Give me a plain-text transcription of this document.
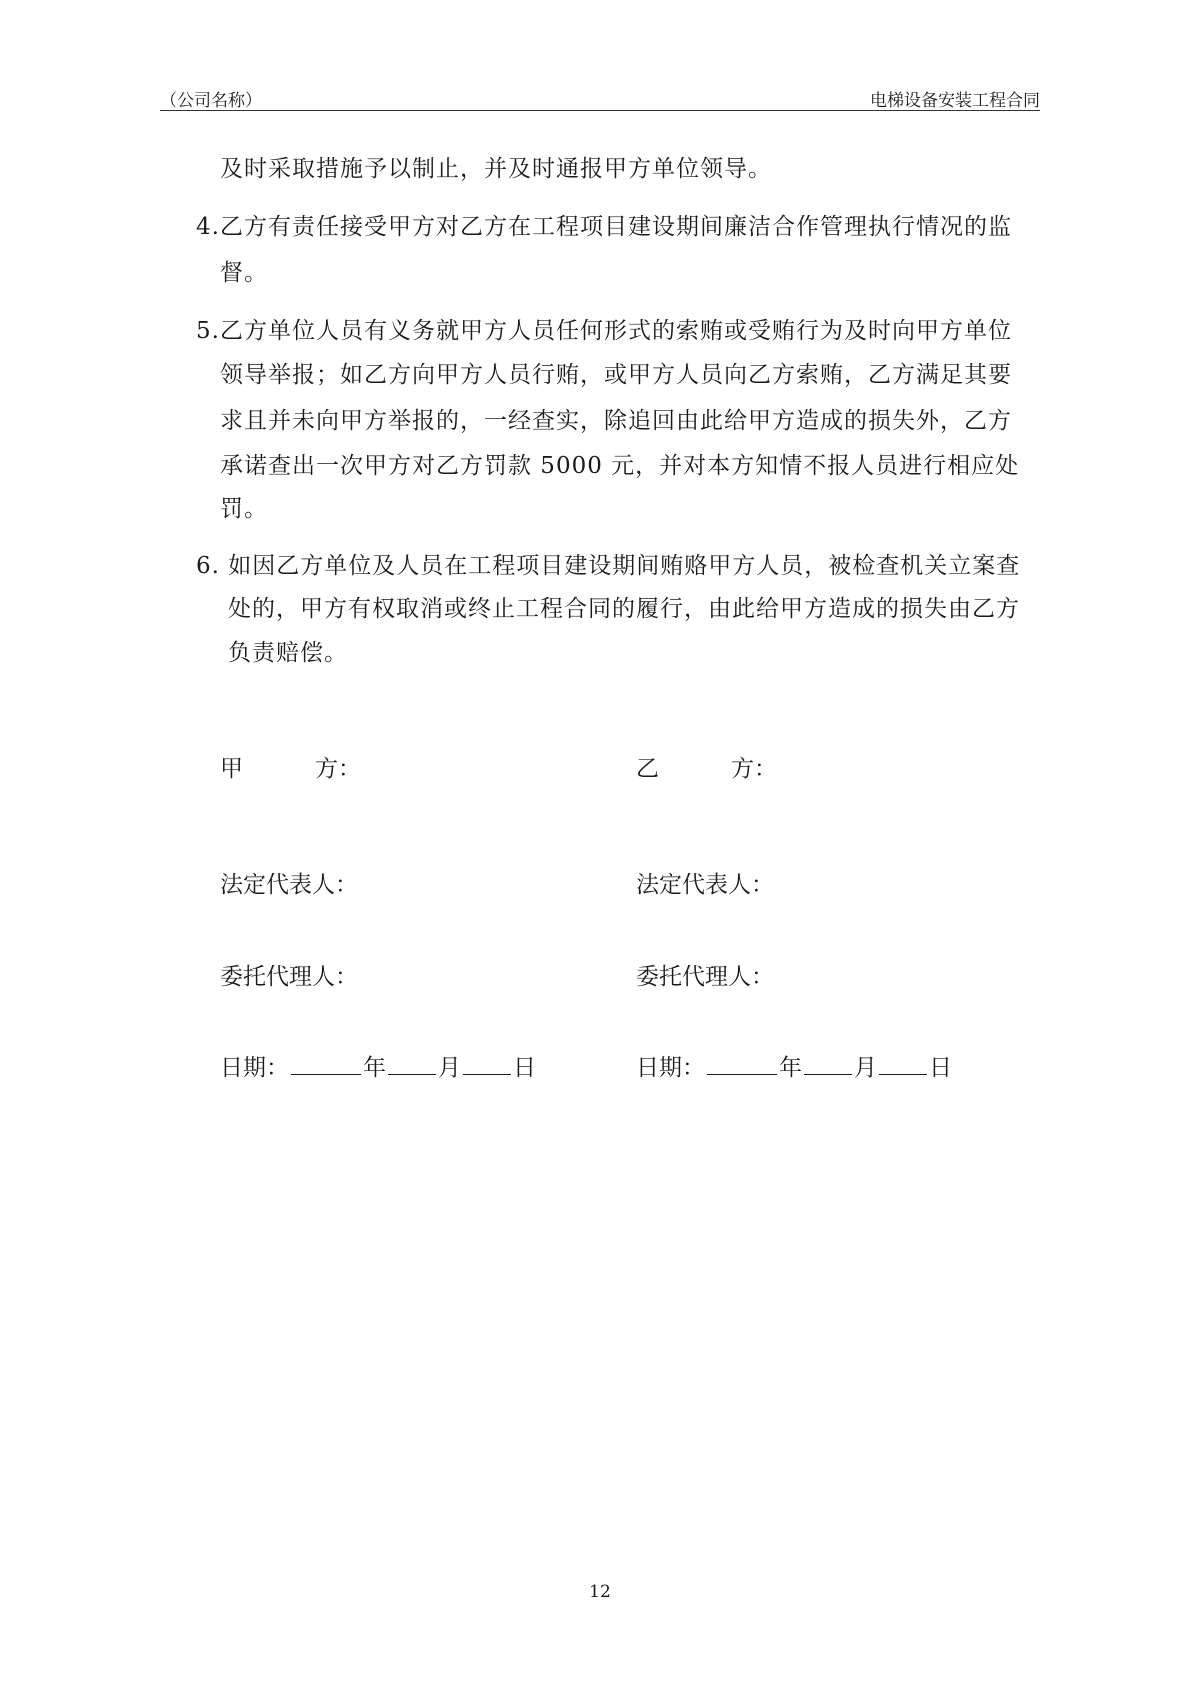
（公司名称）	电梯设备安装工程合同
及时采取措施予以制止，并及时通报甲方单位领导。
4.乙方有责任接受甲方对乙方在工程项目建设期间廉洁合作管理执行情况的监
督。
5.乙方单位人员有义务就甲方人员任何形式的索贿或受贿行为及时向甲方单位
领导举报；如乙方向甲方人员行贿，或甲方人员向乙方索贿，乙方满足其要
求且并未向甲方举报的，一经查实，除追回由此给甲方造成的损失外，乙方
承诺查出一次甲方对乙方罚款 5000 元，并对本方知情不报人员进行相应处
罚。
6. 如因乙方单位及人员在工程项目建设期间贿赂甲方人员，被检查机关立案查
处的，甲方有权取消或终止工程合同的履行，由此给甲方造成的损失由乙方
负责赔偿。
甲	方：	乙	方：
法定代表人：	法定代表人：
委托代理人：	委托代理人：
日期：	年 月 日	日期：	年 月 日
12
